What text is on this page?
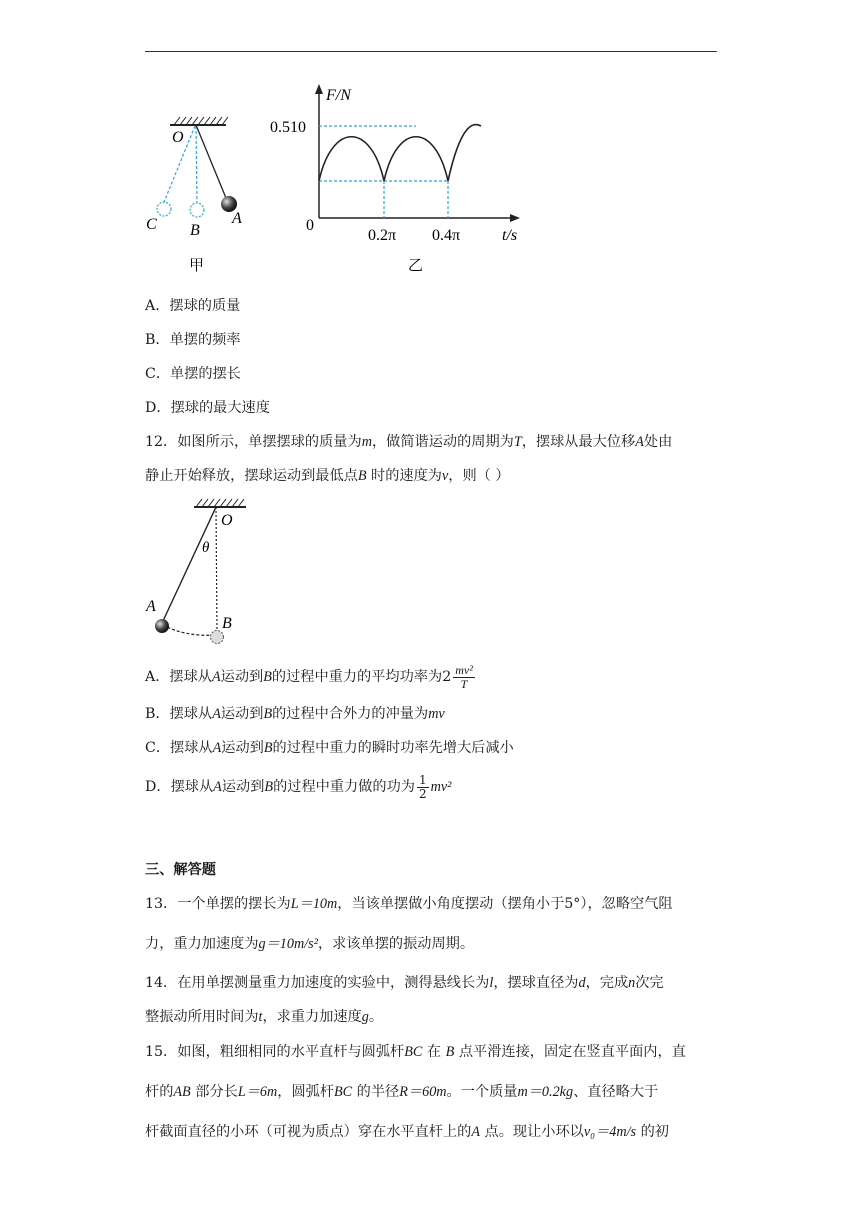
O
C B
A
甲
F/N
t/s
0.510
0
0.2π 0.4π
乙
A．摆球的质量
B．单摆的频率
C．单摆的摆长
D．摆球的最大速度
12．如图所示，单摆摆球的质量为m，做简谐运动的周期为T，摆球从最大位移A处由
静止开始释放，摆球运动到最低点B 时的速度为v，则（ ）
O
θ
A
B
A．摆球从A运动到B的过程中重力的平均功率为$2 \frac{\text{mv²}}{T}$
B．摆球从A运动到B的过程中合外力的冲量为mv
C．摆球从A运动到B的过程中重力的瞬时功率先增大后减小
D．摆球从A运动到B的过程中重力做的功为 $\frac{1}{2} mv^2$
三、解答题
13．一个单摆的摆长为L＝10m，当该单摆做小角度摆动（摆角小于5°），忽略空气阻
力，重力加速度为g＝10m/s²，求该单摆的振动周期。
14．在用单摆测量重力加速度的实验中，测得悬线长为l，摆球直径为d，完成n次完
整振动所用时间为t，求重力加速度g。
15．如图，粗细相同的水平直杆与圆弧杆BC 在 B 点平滑连接，固定在竖直平面内，直
杆的AB 部分长L＝6m，圆弧杆BC 的半径R＝60m。一个质量m＝0.2kg、直径略大于
杆截面直径的小环（可视为质点）穿在水平直杆上的A 点。现让小环以v₀＝4m/s 的初
